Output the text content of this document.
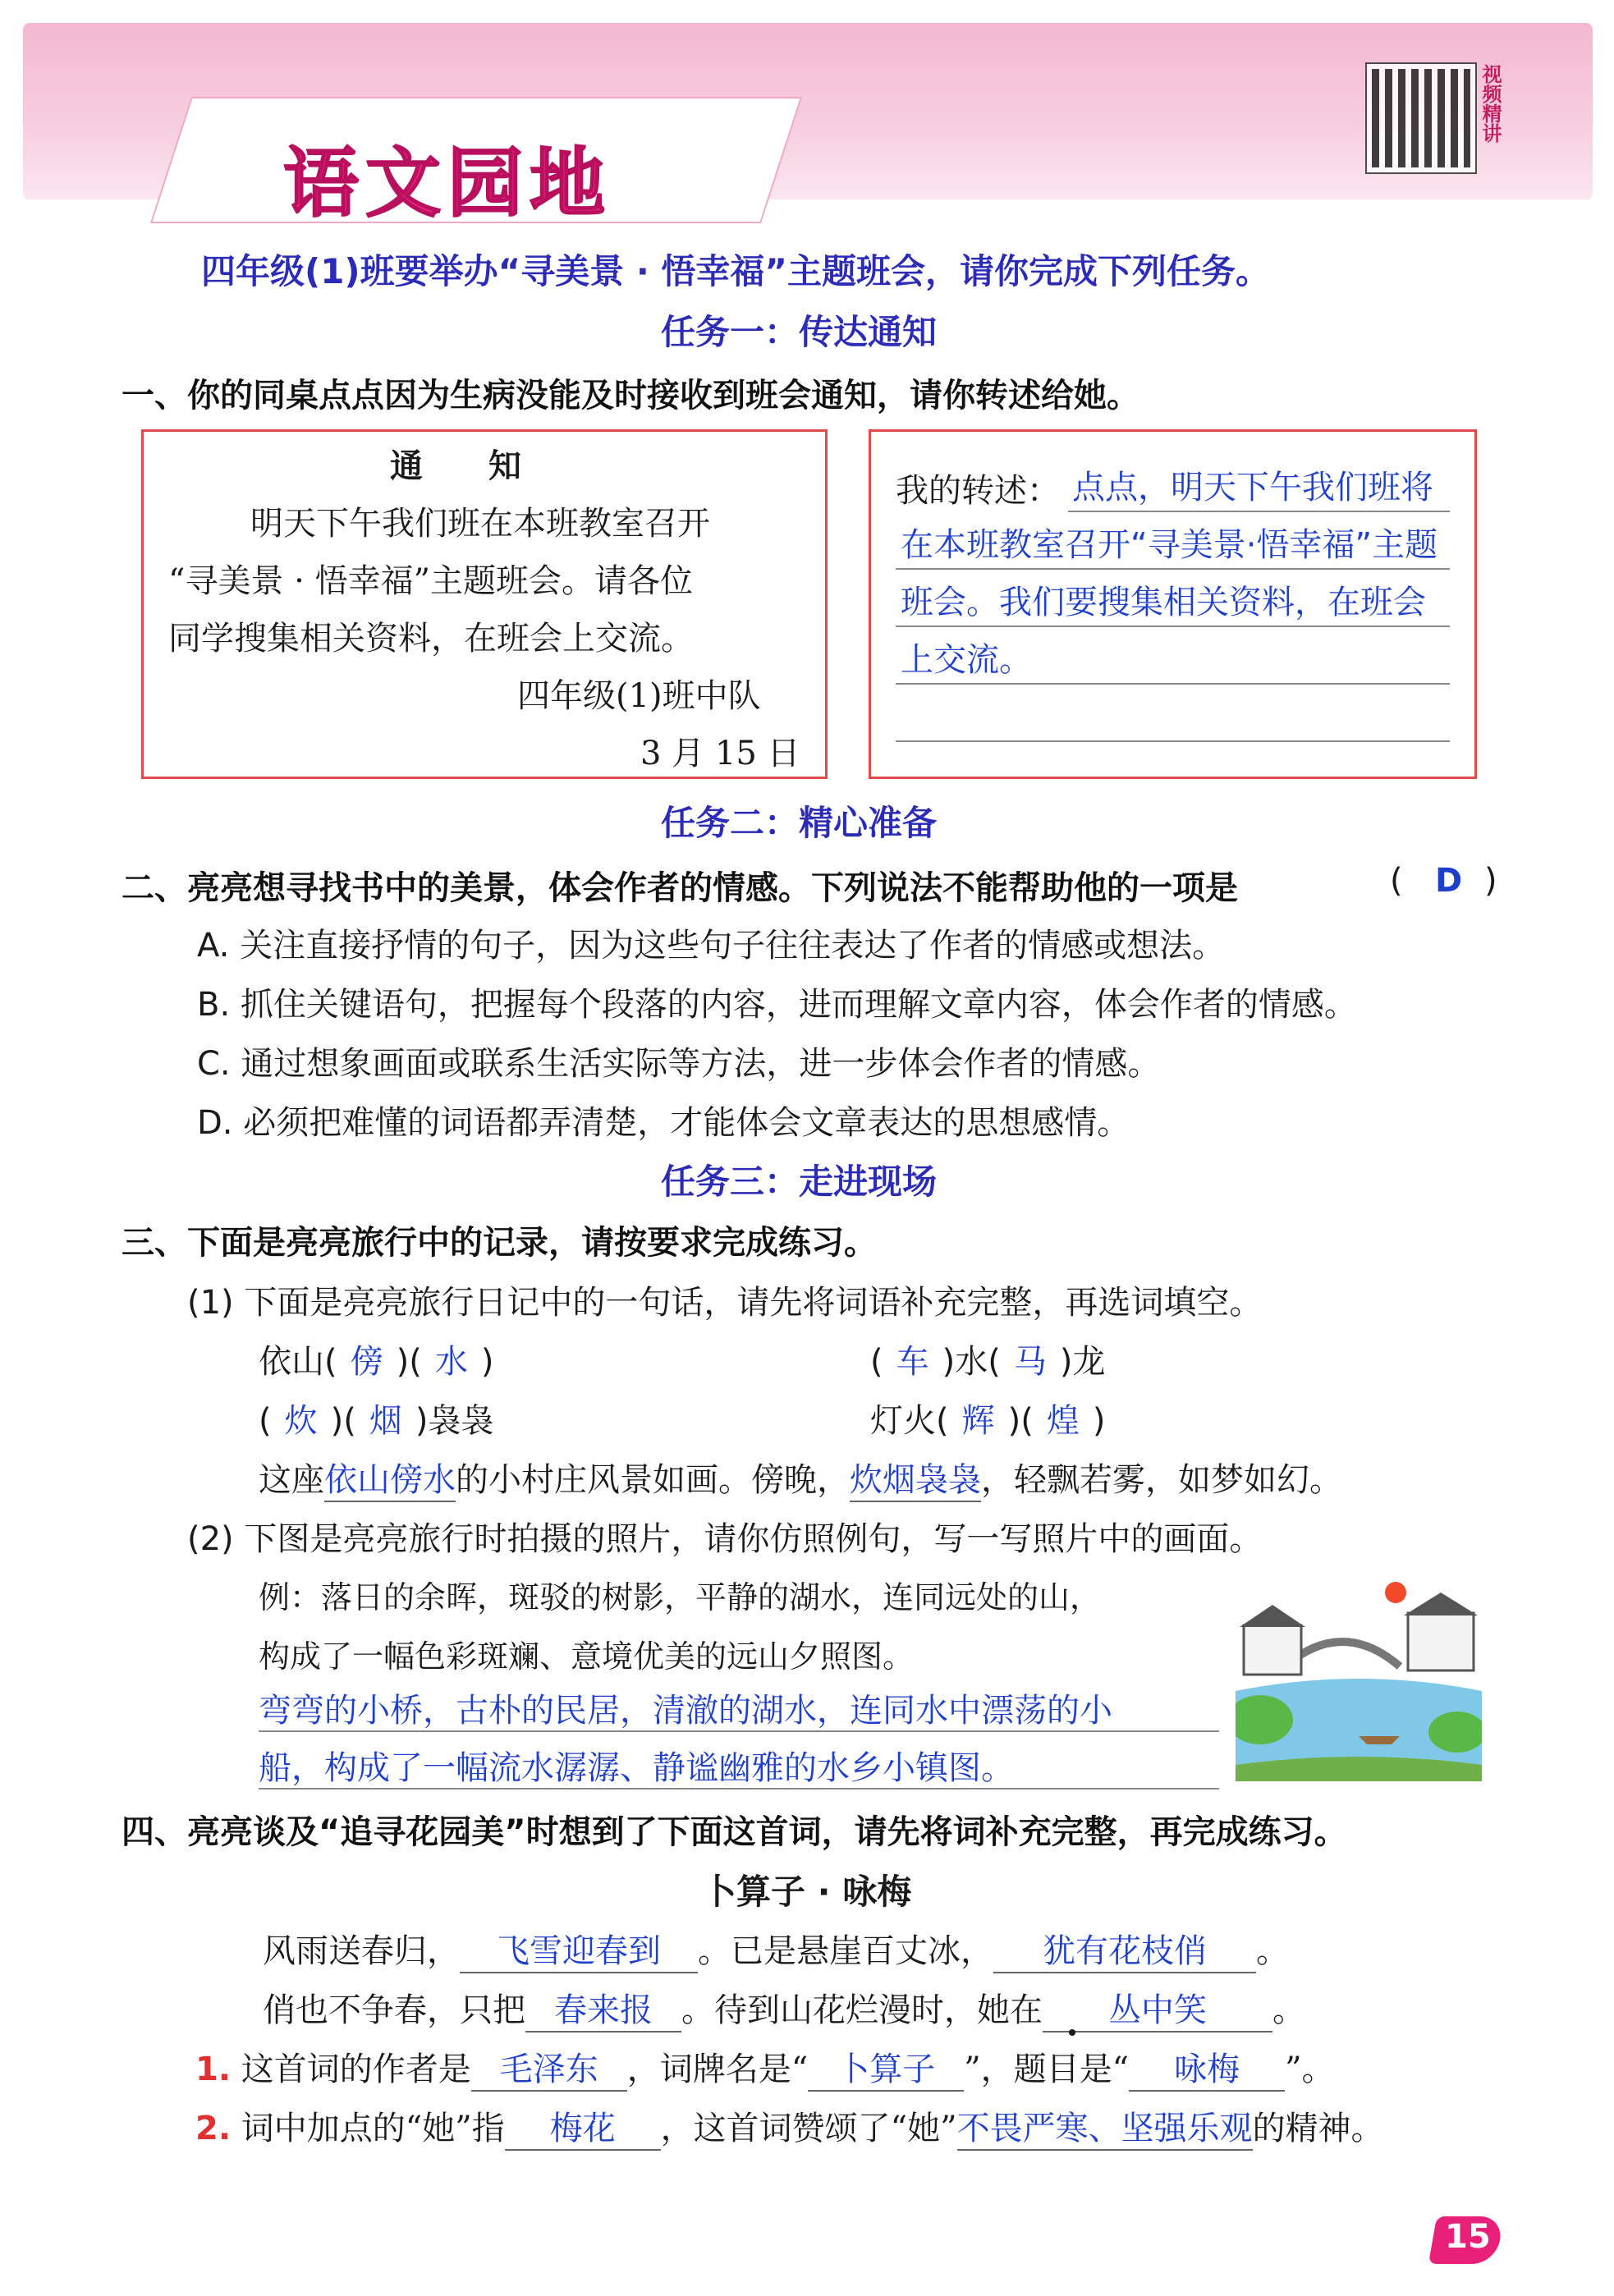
语文园地
视频精讲
四年级(1)班要举办“寻美景 · 悟幸福”主题班会，请你完成下列任务。
任务一：传达通知
一、你的同桌点点因为生病没能及时接收到班会通知，请你转述给她。
通　　知
明天下午我们班在本班教室召开
“寻美景 · 悟幸福”主题班会。请各位
同学搜集相关资料，在班会上交流。
四年级(1)班中队
3 月 15 日
我的转述： 点点，明天下午我们班将
在本班教室召开“寻美景·悟幸福”主题
班会。我们要搜集相关资料，在班会
上交流。
任务二：精心准备
二、亮亮想寻找书中的美景，体会作者的情感。下列说法不能帮助他的一项是	( D )
A. 关注直接抒情的句子，因为这些句子往往表达了作者的情感或想法。
B. 抓住关键语句，把握每个段落的内容，进而理解文章内容，体会作者的情感。
C. 通过想象画面或联系生活实际等方法，进一步体会作者的情感。
D. 必须把难懂的词语都弄清楚，才能体会文章表达的思想感情。
任务三：走进现场
三、下面是亮亮旅行中的记录，请按要求完成练习。
(1) 下面是亮亮旅行日记中的一句话，请先将词语补充完整，再选词填空。
依山( 傍 )( 水 )	( 车 )水( 马 )龙
( 炊 )( 烟 )袅袅	灯火( 辉 )( 煌 )
这座依山傍水的小村庄风景如画。傍晚，炊烟袅袅，轻飘若雾，如梦如幻。
(2) 下图是亮亮旅行时拍摄的照片，请你仿照例句，写一写照片中的画面。
例：落日的余晖，斑驳的树影，平静的湖水，连同远处的山，
构成了一幅色彩斑斓、意境优美的远山夕照图。
弯弯的小桥，古朴的民居，清澈的湖水，连同水中漂荡的小
船，构成了一幅流水潺潺、静谧幽雅的水乡小镇图。
四、亮亮谈及“追寻花园美”时想到了下面这首词，请先将词补充完整，再完成练习。
卜算子 · 咏梅
风雨送春归， 飞雪迎春到 。已是悬崖百丈冰， 犹有花枝俏 。
俏也不争春，只把 春来报 。待到山花烂漫时，她在 丛中笑 。
1. 这首词的作者是 毛泽东 ，词牌名是“ 卜算子 ”，题目是“ 咏梅 ”。
2. 词中加点的“她”指 梅花 ，这首词赞颂了“她”不畏严寒、坚强乐观的精神。
15
